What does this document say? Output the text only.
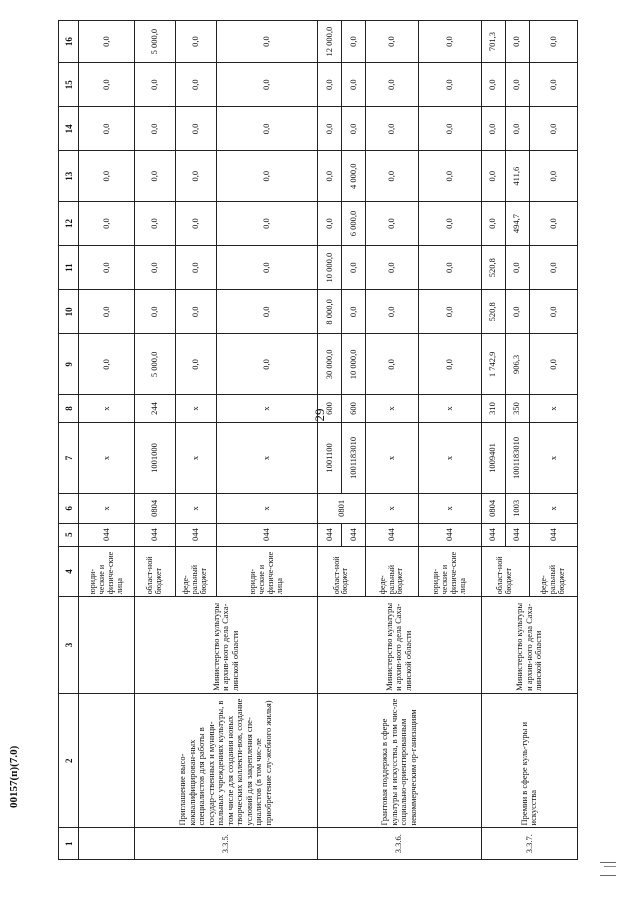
29
1	2	3	4	5	6	7	8	9	10	11	12	13	14	15	16
			юриди-ческие и физиче-ские лица	044	х	х	х	0,0	0,0	0,0	0,0	0,0	0,0	0,0	0,0
3.3.5.	Приглашение высо-коквалифицирован-ных специалистов для работы в государ-ственных и муници-пальных учреждениях культуры, в том числе для создания новых творческих коллекти-вов, создание условий для закрепления спе-циалистов (в том чис-ле приобретение слу-жебного жилья)	Министерство культуры и архив-ного дела Саха-линской области	област-ной бюджет	044	0804	1001000	244	5 000,0	0,0	0,0	0,0	0,0	0,0	0,0	5 000,0
			феде-ральный бюджет	044	х	х	х	0,0	0,0	0,0	0,0	0,0	0,0	0,0	0,0
			юриди-ческие и физиче-ские лица	044	х	х	х	0,0	0,0	0,0	0,0	0,0	0,0	0,0	0,0
3.3.6.	Грантовая поддержка в сфере культуры и искусства, в том чис-ле социально-ориентированным некоммерческим ор-ганизациям	Министерство культуры и архив-ного дела Саха-линской области	област-ной бюджет	044	0801	1001100	600	30 000,0	8 000,0	10 000,0	0,0	0,0	0,0	0,0	12 000,0
				044		1001183010	600	10 000,0	0,0	0,0	6 000,0	4 000,0	0,0	0,0	0,0
			феде-ральный бюджет	044	х	х	х	0,0	0,0	0,0	0,0	0,0	0,0	0,0	0,0
			юриди-ческие и физиче-ские лица	044	х	х	х	0,0	0,0	0,0	0,0	0,0	0,0	0,0	0,0
3.3.7.	Премии в сфере куль-туры и искусства	Министерство культуры и архив-ного дела Саха-линской области	област-ной бюджет	044	0804	1009401	310	1 742,9	520,8	520,8	0,0	0,0	0,0	0,0	701,3
				044	1003	1001183010	350	906,3	0,0	0,0	494,7	411,6	0,0	0,0	0,0
			феде-ральный бюджет	044	х	х	х	0,0	0,0	0,0	0,0	0,0	0,0	0,0	0,0
00157(п)(7.0)
